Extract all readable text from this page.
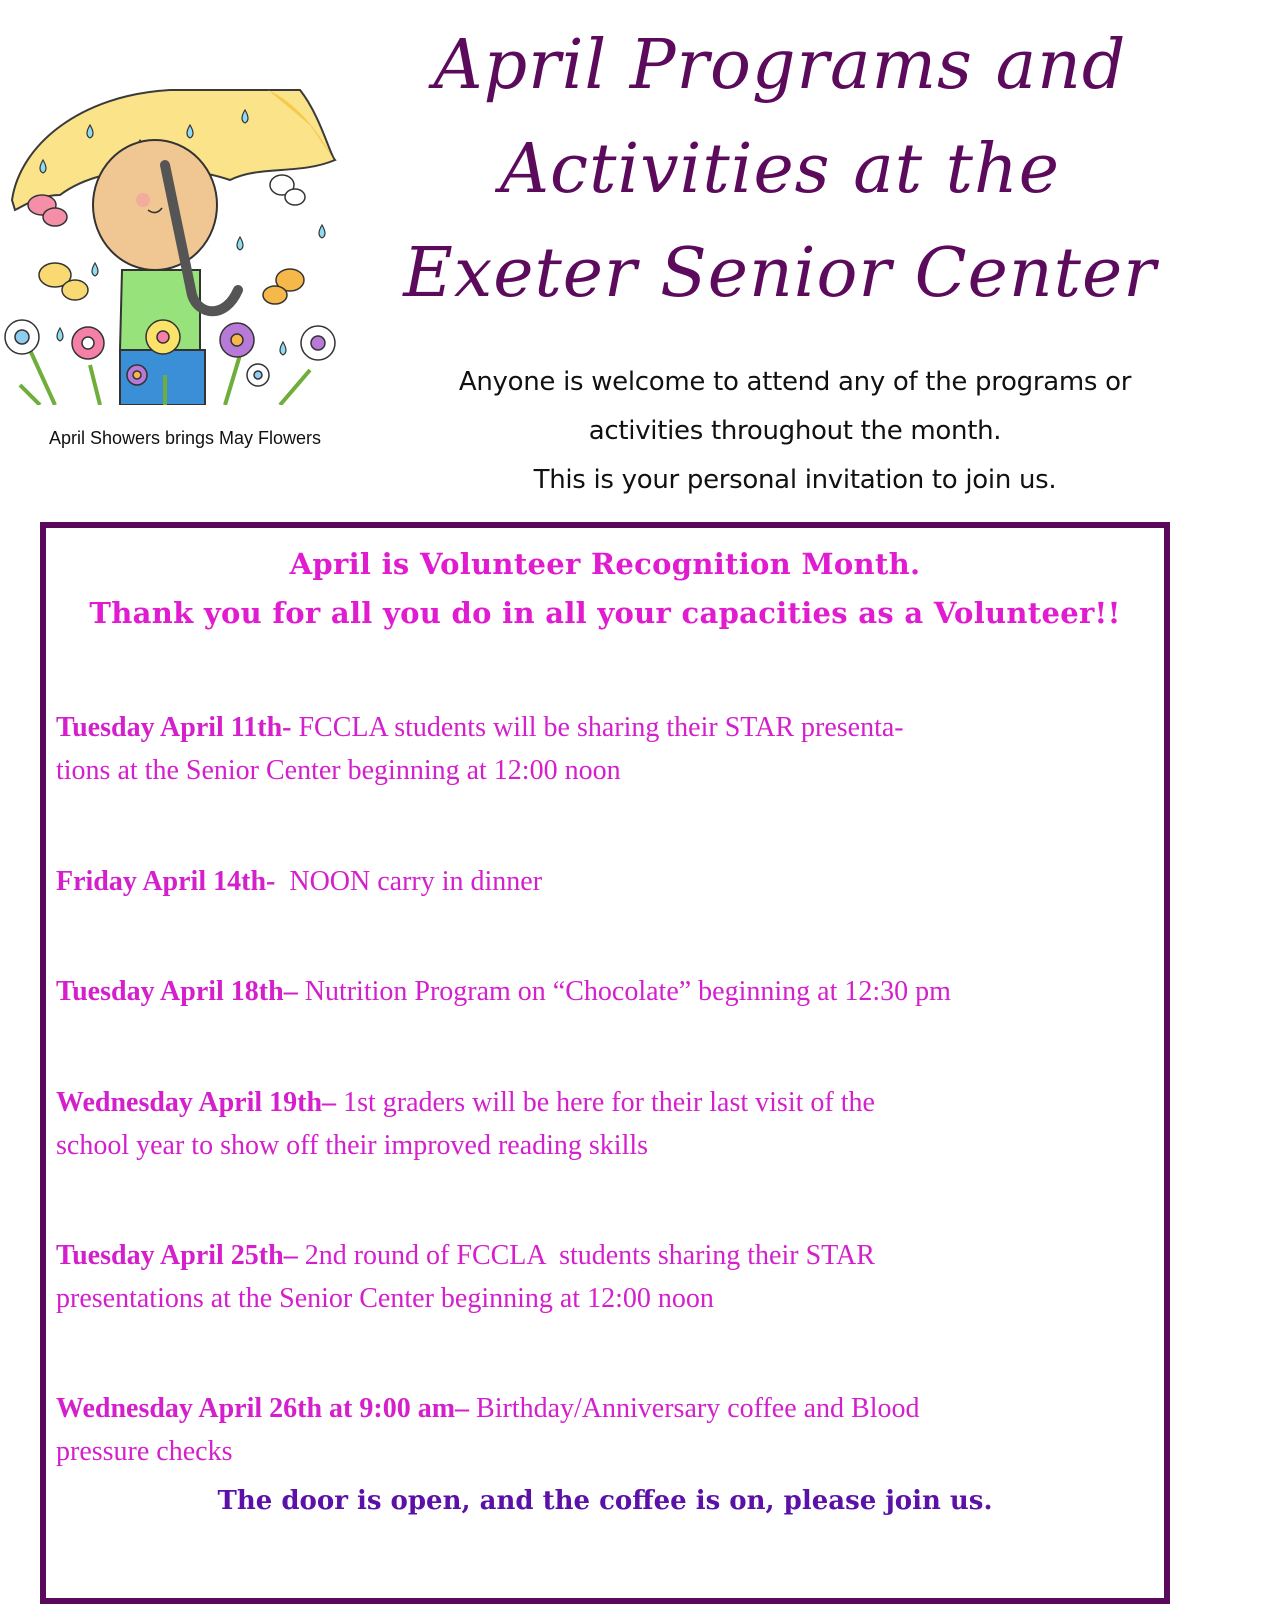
April Showers brings May Flowers
April Programs and
Activities at the
Exeter Senior Center
Anyone is welcome to attend any of the programs or
activities throughout the month.
This is your personal invitation to join us.
April is Volunteer Recognition Month.
Thank you for all you do in all your capacities as a Volunteer!!
Tuesday April 11th- FCCLA students will be sharing their STAR presenta-
tions at the Senior Center beginning at 12:00 noon
Friday April 14th-  NOON carry in dinner
Tuesday April 18th– Nutrition Program on “Chocolate” beginning at 12:30 pm
Wednesday April 19th– 1st graders will be here for their last visit of the
school year to show off their improved reading skills
Tuesday April 25th– 2nd round of FCCLA  students sharing their STAR
presentations at the Senior Center beginning at 12:00 noon
Wednesday April 26th at 9:00 am– Birthday/Anniversary coffee and Blood
pressure checks
The door is open, and the coffee is on, please join us.
